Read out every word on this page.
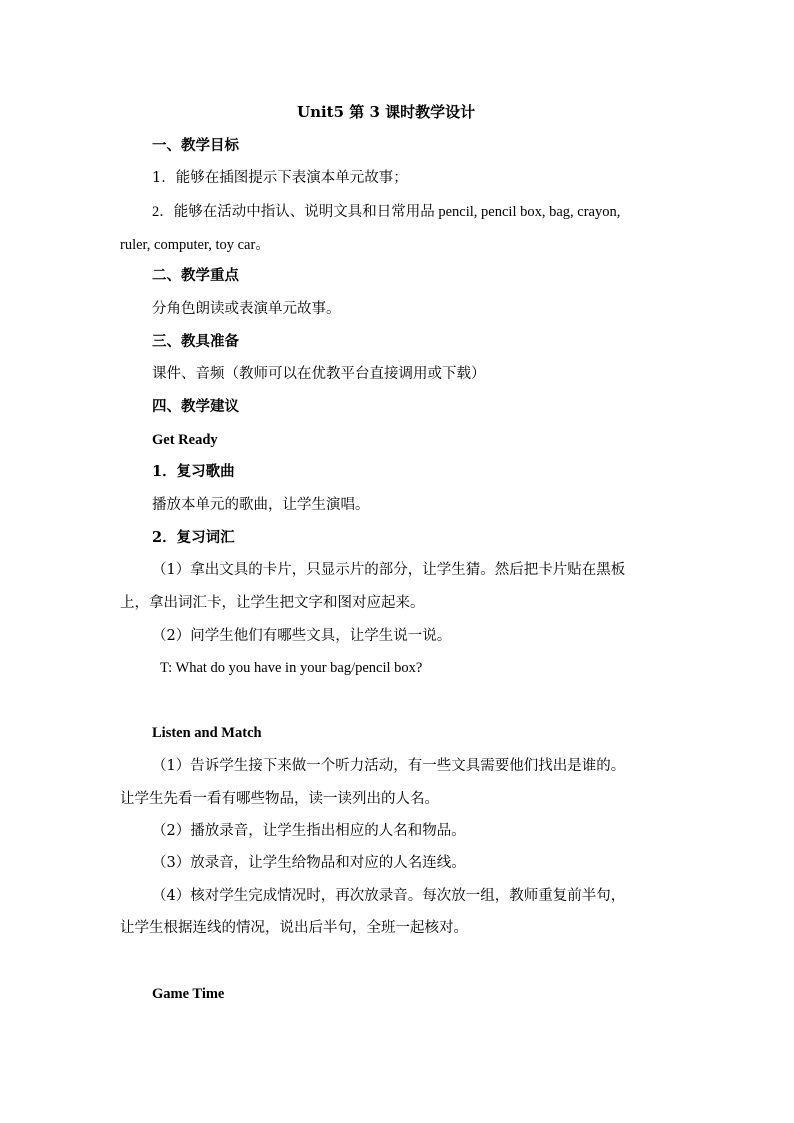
Unit5 第 3 课时教学设计
一、教学目标
1．能够在插图提示下表演本单元故事；
2．能够在活动中指认、说明文具和日常用品 pencil, pencil box, bag, crayon,
ruler, computer, toy car。
二、教学重点
分角色朗读或表演单元故事。
三、教具准备
课件、音频（教师可以在优教平台直接调用或下载）
四、教学建议
Get Ready
1．复习歌曲
播放本单元的歌曲，让学生演唱。
2．复习词汇
（1）拿出文具的卡片，只显示片的部分，让学生猜。然后把卡片贴在黑板
上，拿出词汇卡，让学生把文字和图对应起来。
（2）问学生他们有哪些文具，让学生说一说。
T: What do you have in your bag/pencil box?
Listen and Match
（1）告诉学生接下来做一个听力活动，有一些文具需要他们找出是谁的。
让学生先看一看有哪些物品，读一读列出的人名。
（2）播放录音，让学生指出相应的人名和物品。
（3）放录音，让学生给物品和对应的人名连线。
（4）核对学生完成情况时，再次放录音。每次放一组，教师重复前半句，
让学生根据连线的情况，说出后半句，全班一起核对。
Game Time
